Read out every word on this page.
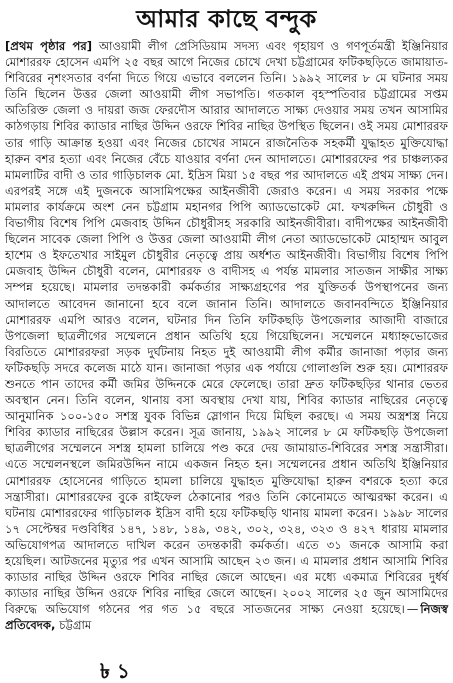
আমার কাছে বন্দুক

[প্রথম পৃষ্ঠার পর] আওয়ামী লীগ প্রেসিডিয়াম সদস্য এবং গৃহায়ণ ও গণপূর্তমন্ত্রী ইঞ্জিনিয়ার মোশাররফ হোসেন এমপি ২৫ বছর আগে নিজের চোখে দেখা চট্টগ্রামের ফটিকছড়িতে জামায়াত-শিবিরের নৃশংসতার বর্ণনা দিতে গিয়ে এভাবে বললেন তিনি। ১৯৯২ সালের ৮ মে ঘটনার সময় তিনি ছিলেন উত্তর জেলা আওয়ামী লীগ সভাপতি। গতকাল বৃহস্পতিবার চট্টগ্রামের সপ্তম অতিরিক্ত জেলা ও দায়রা জজ ফেরদৌস আরার আদালতে সাক্ষ্য দেওয়ার সময় তখন আসামির কাঠগড়ায় শিবির ক্যাডার নাছির উদ্দিন ওরফে শিবির নাছির উপস্থিত ছিলেন। ওই সময় মোশাররফ তার গাড়ি আক্রান্ত হওয়া এবং নিজের চোখের সামনে রাজনৈতিক সহকর্মী যুদ্ধাহত মুক্তিযোদ্ধা হারুন বশর হত্যা এবং নিজের বেঁচে যাওয়ার বর্ণনা দেন আদালতে। মোশাররফের পর চাঞ্চল্যকর মামলাটির বাদী ও তার গাড়িচালক মো. ইদ্রিস মিয়া ১৫ বছর পর আদালতে এই প্রথম সাক্ষ্য দেন। এরপরই সঙ্গে এই দুজনকে আসামিপক্ষের আইনজীবী জেরাও করেন। এ সময় সরকার পক্ষে মামলার কার্যক্রমে অংশ নেন চট্টগ্রাম মহানগর পিপি অ্যাডভোকেট মো. ফখরুদ্দিন চৌধুরী ও বিভাগীয় বিশেষ পিপি মেজবাহ উদ্দিন চৌধুরীসহ সরকারি আইনজীবীরা। বাদীপক্ষের আইনজীবী ছিলেন সাবেক জেলা পিপি ও উত্তর জেলা আওয়ামী লীগ নেতা অ্যাডভোকেট মোহাম্মদ আবুল হাশেম ও ইফতেখার সাইমুল চৌধুরীর নেতৃত্বে প্রায় অর্ধশত আইনজীবী। বিভাগীয় বিশেষ পিপি মেজবাহ উদ্দিন চৌধুরী বলেন, মোশাররফ ও বাদীসহ এ পর্যন্ত মামলার সাতজন সাক্ষীর সাক্ষ্য সম্পন্ন হয়েছে। মামলার তদন্তকারী কর্মকর্তার সাক্ষ্যগ্রহণের পর যুক্তিতর্ক উপস্থাপনের জন্য আদালতে আবেদন জানানো হবে বলে জানান তিনি। আদালতে জবানবন্দিতে ইঞ্জিনিয়ার মোশাররফ এমপি আরও বলেন, ঘটনার দিন তিনি ফটিকছড়ি উপজেলার আজাদী বাজারে উপজেলা ছাত্রলীগের সম্মেলনে প্রধান অতিথি হয়ে গিয়েছিলেন। সম্মেলনে মধ্যাহ্নভোজের বিরতিতে মোশাররফরা সড়ক দুর্ঘটনায় নিহত দুই আওয়ামী লীগ কর্মীর জানাজা পড়ার জন্য ফটিকছড়ি সদরে কলেজ মাঠে যান। জানাজা পড়ার এক পর্যায়ে গোলাগুলি শুরু হয়। মোশাররফ শুনতে পান তাদের কর্মী জমির উদ্দিনকে মেরে ফেলেছে। তারা দ্রুত ফটিকছড়ির থানার ভেতর অবস্থান নেন। তিনি বলেন, থানায় বসা অবস্থায় দেখা যায়, শিবির ক্যাডার নাছিরের নেতৃত্বে আনুমানিক ১০০-১৫০ সশস্ত্র যুবক বিভিন্ন স্লোগান দিয়ে মিছিল করছে। এ সময় অস্ত্রশস্ত্র নিয়ে শিবির ক্যাডার নাছিরের উল্লাস করেন। সূত্র জানায়, ১৯৯২ সালের ৮ মে ফটিকছড়ি উপজেলা ছাত্রলীগের সম্মেলনে সশস্ত্র হামলা চালিয়ে পণ্ড করে দেয় জামায়াত-শিবিরের সশস্ত্র সন্ত্রাসীরা। এতে সম্মেলনস্থলে জমিরউদ্দিন নামে একজন নিহত হন। সম্মেলনের প্রধান অতিথি ইঞ্জিনিয়ার মোশাররফ হোসেনের গাড়িতে হামলা চালিয়ে যুদ্ধাহত মুক্তিযোদ্ধা হারুন বশরকে হত্যা করে সন্ত্রাসীরা। মোশাররফের বুকে রাইফেল ঠেকানোর পরও তিনি কোনোমতে আত্মরক্ষা করেন। এ ঘটনায় মোশাররফের গাড়িচালক ইদ্রিস বাদী হয়ে ফটিকছড়ি থানায় মামলা করেন। ১৯৯৮ সালের ১৭ সেপ্টেম্বর দণ্ডবিধির ১৪৭, ১৪৮, ১৪৯, ৩৪২, ৩০২, ৩২৪, ৩২৩ ও ৪২৭ ধারায় মামলার অভিযোগপত্র আদালতে দাখিল করেন তদন্তকারী কর্মকর্তা। এতে ৩১ জনকে আসামি করা হয়েছিল। আটজনের মৃত্যুর পর এখন আসামি আছেন ২৩ জন। এ মামলার প্রধান আসামি শিবির ক্যাডার নাছির উদ্দিন ওরফে শিবির নাছির জেলে আছেন। এর মধ্যে একমাত্র শিবিরের দুর্ধর্ষ ক্যাডার নাছির উদ্দিন ওরফে শিবির নাছির জেলে আছেন। ২০০২ সালের ২৫ জুন আসামিদের বিরুদ্ধে অভিযোগ গঠনের পর গত ১৫ বছরে সাতজনের সাক্ষ্য নেওয়া হয়েছে। — নিজস্ব প্রতিবেদক, চট্টগ্রাম

৳ ১
